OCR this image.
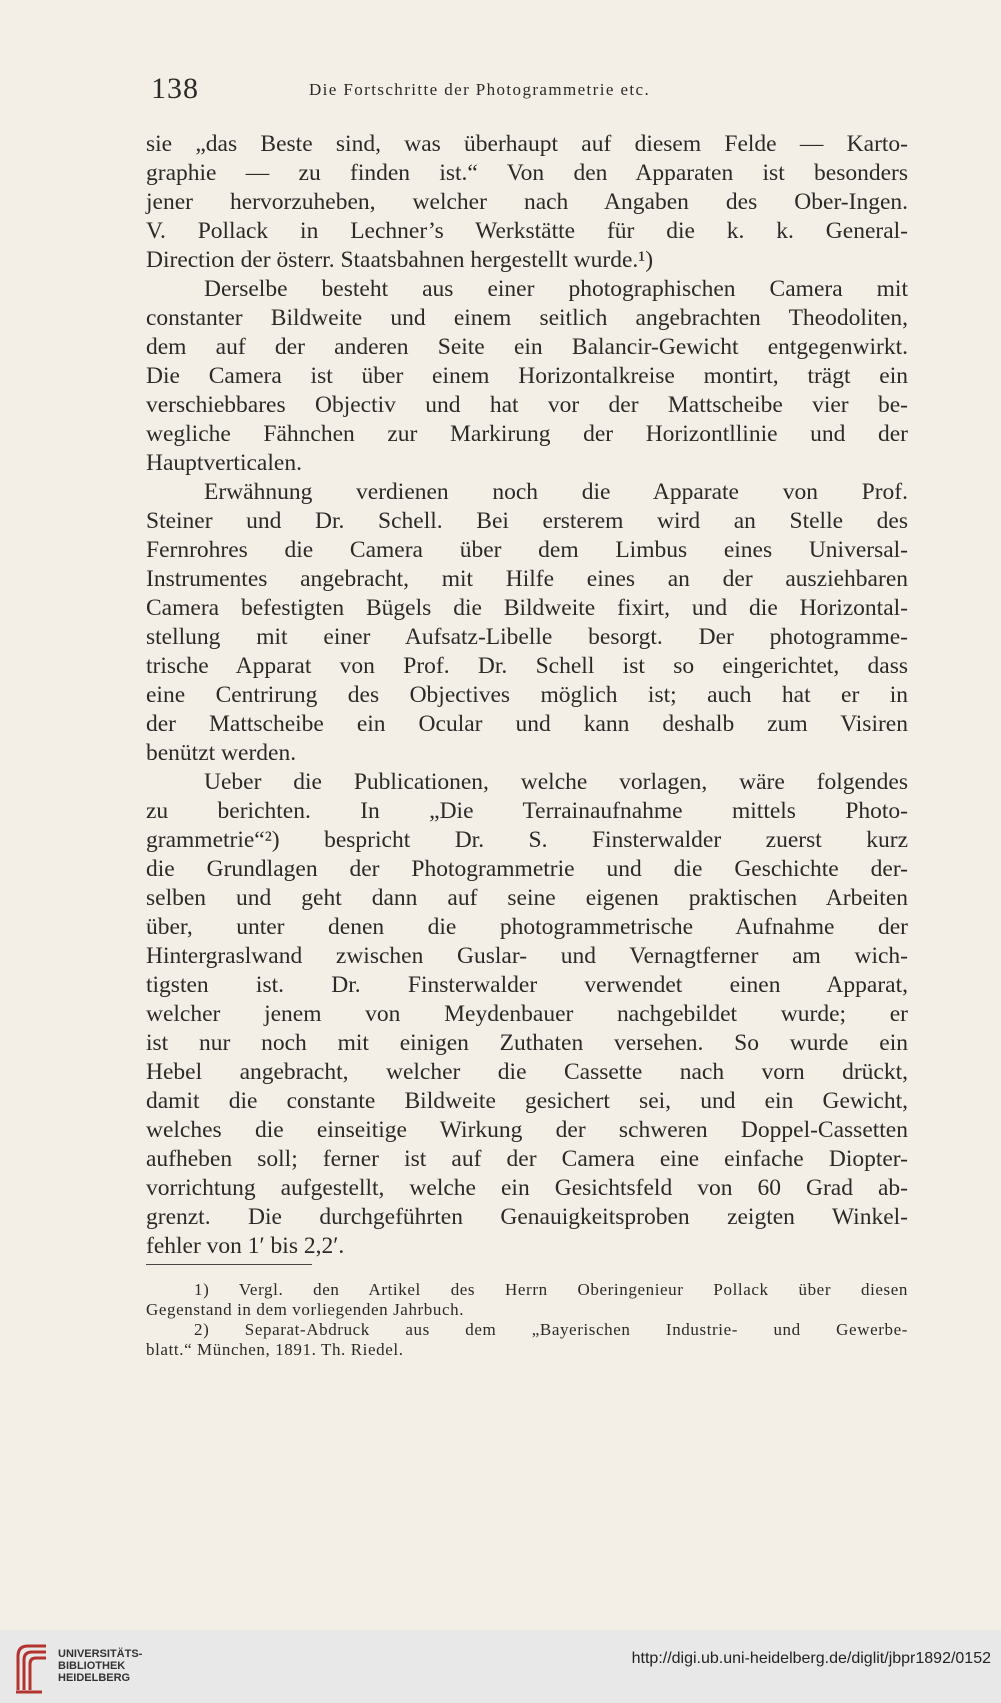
138	Die Fortschritte der Photogrammetrie etc.
sie „das Beste sind, was überhaupt auf diesem Felde — Karto-
graphie — zu finden ist.“ Von den Apparaten ist besonders
jener hervorzuheben, welcher nach Angaben des Ober-Ingen.
V. Pollack in Lechner’s Werkstätte für die k. k. General-
Direction der österr. Staatsbahnen hergestellt wurde.¹)
Derselbe besteht aus einer photographischen Camera mit
constanter Bildweite und einem seitlich angebrachten Theodoliten,
dem auf der anderen Seite ein Balancir-Gewicht entgegenwirkt.
Die Camera ist über einem Horizontalkreise montirt, trägt ein
verschiebbares Objectiv und hat vor der Mattscheibe vier be-
wegliche Fähnchen zur Markirung der Horizontllinie und der
Hauptverticalen.
Erwähnung verdienen noch die Apparate von Prof.
Steiner und Dr. Schell. Bei ersterem wird an Stelle des
Fernrohres die Camera über dem Limbus eines Universal-
Instrumentes angebracht, mit Hilfe eines an der ausziehbaren
Camera befestigten Bügels die Bildweite fixirt, und die Horizontal-
stellung mit einer Aufsatz-Libelle besorgt. Der photogramme-
trische Apparat von Prof. Dr. Schell ist so eingerichtet, dass
eine Centrirung des Objectives möglich ist; auch hat er in
der Mattscheibe ein Ocular und kann deshalb zum Visiren
benützt werden.
Ueber die Publicationen, welche vorlagen, wäre folgendes
zu berichten. In „Die Terrainaufnahme mittels Photo-
grammetrie“²) bespricht Dr. S. Finsterwalder zuerst kurz
die Grundlagen der Photogrammetrie und die Geschichte der-
selben und geht dann auf seine eigenen praktischen Arbeiten
über, unter denen die photogrammetrische Aufnahme der
Hintergraslwand zwischen Guslar- und Vernagtferner am wich-
tigsten ist. Dr. Finsterwalder verwendet einen Apparat,
welcher jenem von Meydenbauer nachgebildet wurde; er
ist nur noch mit einigen Zuthaten versehen. So wurde ein
Hebel angebracht, welcher die Cassette nach vorn drückt,
damit die constante Bildweite gesichert sei, und ein Gewicht,
welches die einseitige Wirkung der schweren Doppel-Cassetten
aufheben soll; ferner ist auf der Camera eine einfache Diopter-
vorrichtung aufgestellt, welche ein Gesichtsfeld von 60 Grad ab-
grenzt. Die durchgeführten Genauigkeitsproben zeigten Winkel-
fehler von 1′ bis 2,2′.
1) Vergl. den Artikel des Herrn Oberingenieur Pollack über diesen
Gegenstand in dem vorliegenden Jahrbuch.
2) Separat-Abdruck aus dem „Bayerischen Industrie- und Gewerbe-
blatt.“ München, 1891. Th. Riedel.
UNIVERSITÄTS-
BIBLIOTHEK
HEIDELBERG
http://digi.ub.uni-heidelberg.de/diglit/jbpr1892/0152
